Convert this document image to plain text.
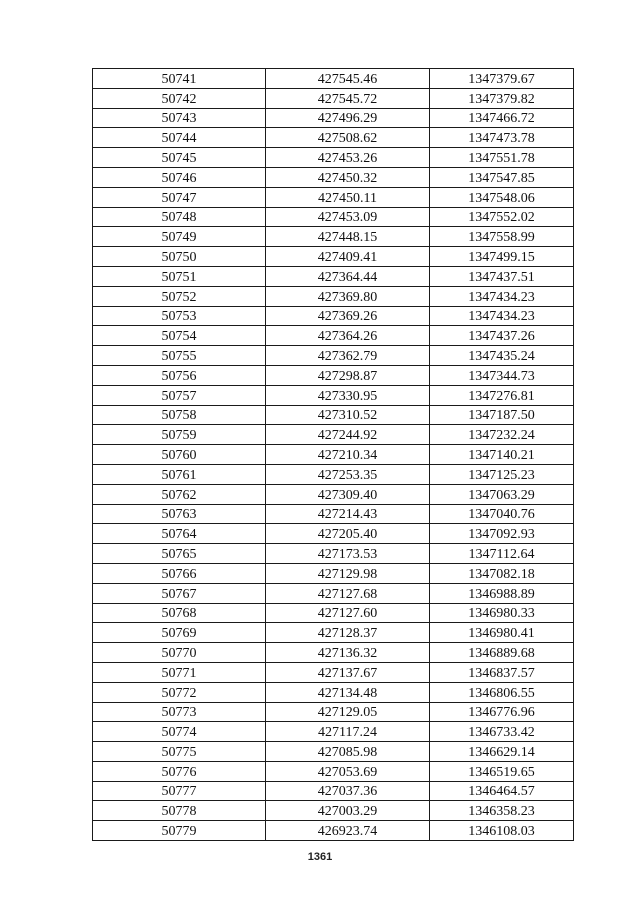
50741	427545.46	1347379.67
50742	427545.72	1347379.82
50743	427496.29	1347466.72
50744	427508.62	1347473.78
50745	427453.26	1347551.78
50746	427450.32	1347547.85
50747	427450.11	1347548.06
50748	427453.09	1347552.02
50749	427448.15	1347558.99
50750	427409.41	1347499.15
50751	427364.44	1347437.51
50752	427369.80	1347434.23
50753	427369.26	1347434.23
50754	427364.26	1347437.26
50755	427362.79	1347435.24
50756	427298.87	1347344.73
50757	427330.95	1347276.81
50758	427310.52	1347187.50
50759	427244.92	1347232.24
50760	427210.34	1347140.21
50761	427253.35	1347125.23
50762	427309.40	1347063.29
50763	427214.43	1347040.76
50764	427205.40	1347092.93
50765	427173.53	1347112.64
50766	427129.98	1347082.18
50767	427127.68	1346988.89
50768	427127.60	1346980.33
50769	427128.37	1346980.41
50770	427136.32	1346889.68
50771	427137.67	1346837.57
50772	427134.48	1346806.55
50773	427129.05	1346776.96
50774	427117.24	1346733.42
50775	427085.98	1346629.14
50776	427053.69	1346519.65
50777	427037.36	1346464.57
50778	427003.29	1346358.23
50779	426923.74	1346108.03
1361
